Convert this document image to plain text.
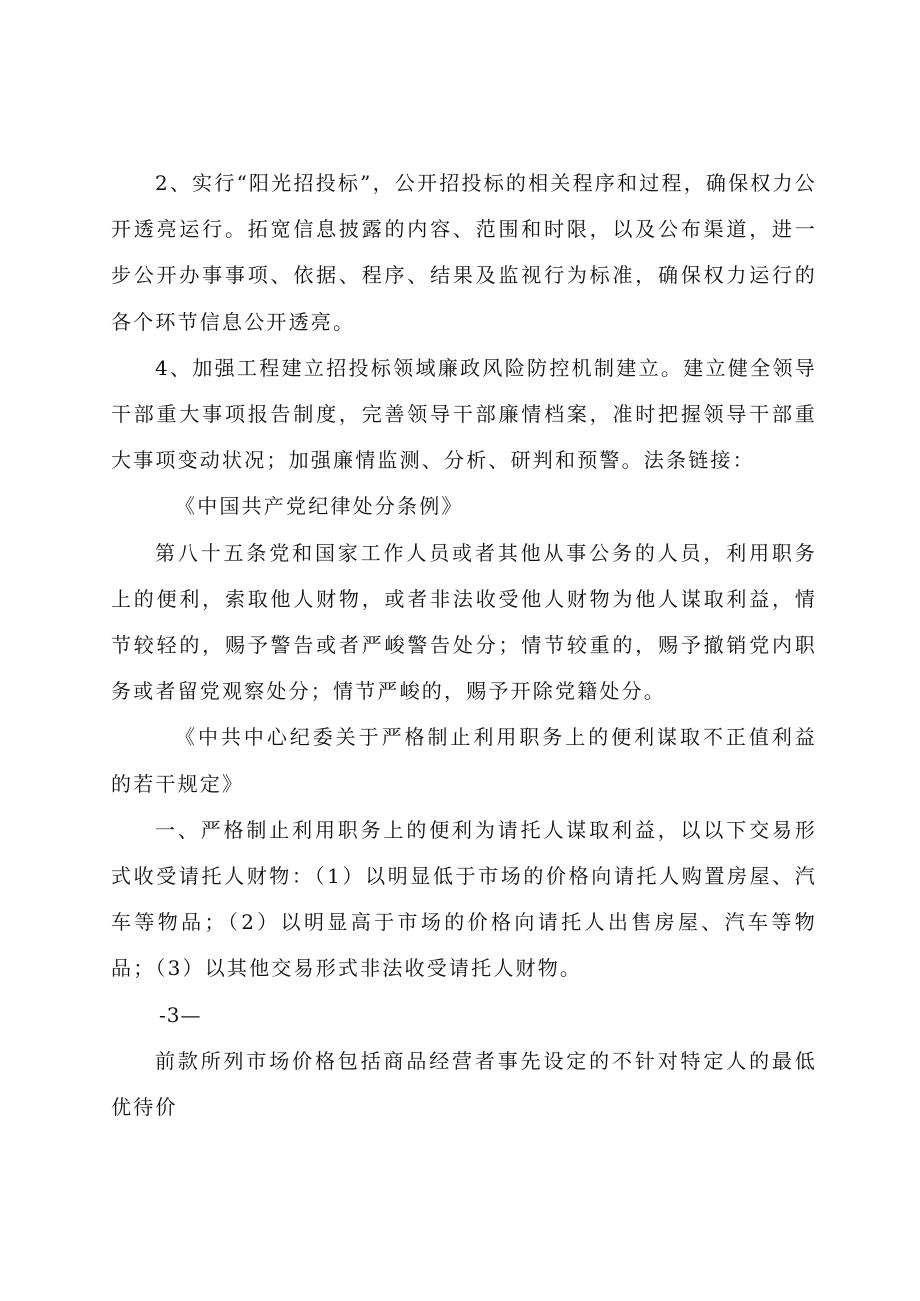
2、实行“阳光招投标”，公开招投标的相关程序和过程，确保权力公开透亮运行。拓宽信息披露的内容、范围和时限，以及公布渠道，进一步公开办事事项、依据、程序、结果及监视行为标准，确保权力运行的各个环节信息公开透亮。

4、加强工程建立招投标领域廉政风险防控机制建立。建立健全领导干部重大事项报告制度，完善领导干部廉情档案，准时把握领导干部重大事项变动状况；加强廉情监测、分析、研判和预警。法条链接：

《中国共产党纪律处分条例》

第八十五条党和国家工作人员或者其他从事公务的人员，利用职务上的便利，索取他人财物，或者非法收受他人财物为他人谋取利益，情节较轻的，赐予警告或者严峻警告处分；情节较重的，赐予撤销党内职务或者留党观察处分；情节严峻的，赐予开除党籍处分。

《中共中心纪委关于严格制止利用职务上的便利谋取不正值利益的若干规定》

一、严格制止利用职务上的便利为请托人谋取利益，以以下交易形式收受请托人财物：（1）以明显低于市场的价格向请托人购置房屋、汽车等物品；（2）以明显高于市场的价格向请托人出售房屋、汽车等物品；（3）以其他交易形式非法收受请托人财物。

-3—

前款所列市场价格包括商品经营者事先设定的不针对特定人的最低优待价
